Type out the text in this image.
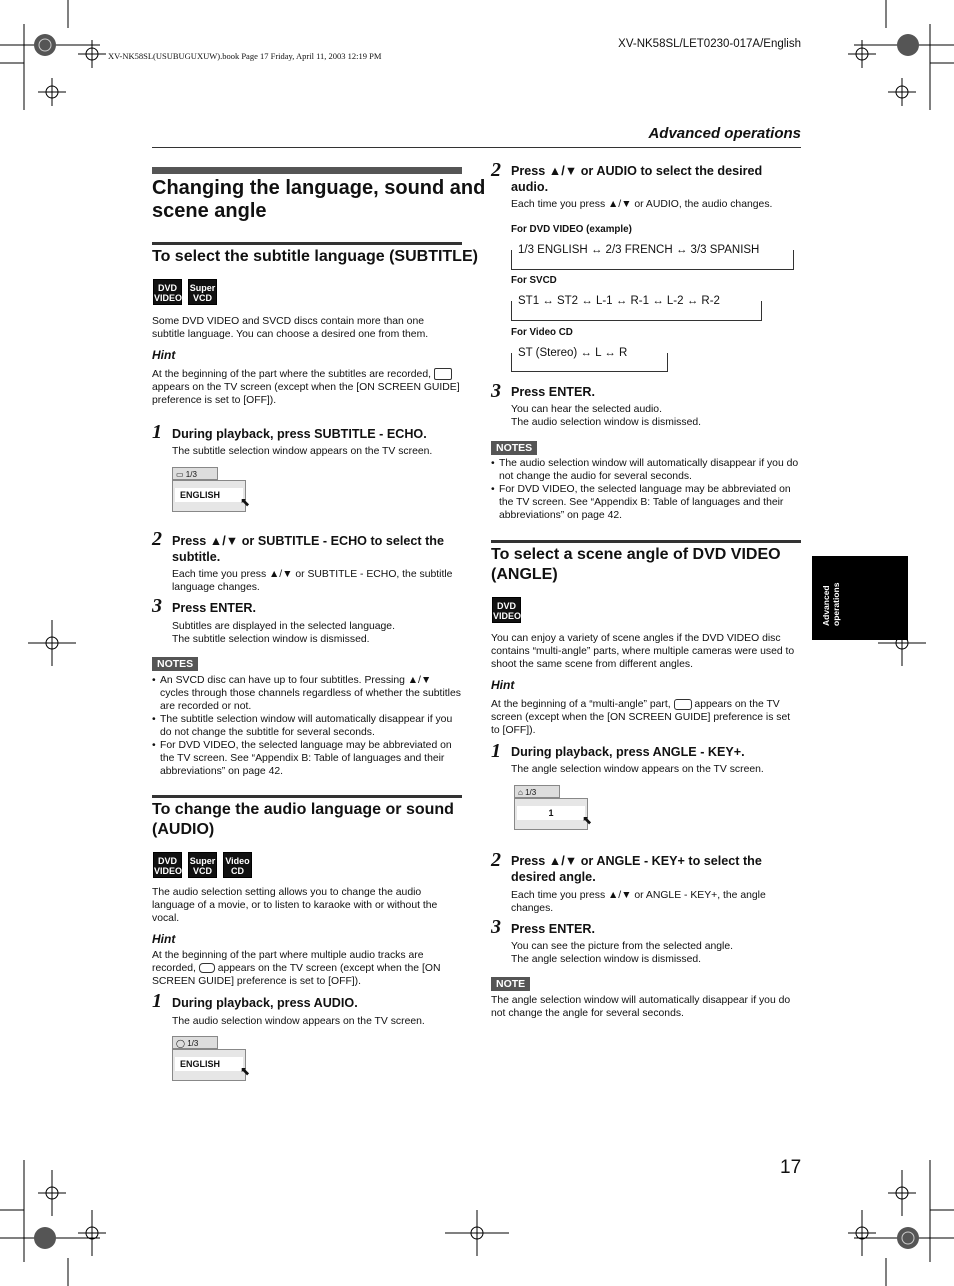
XV-NK58SL(USUBUGUXUW).book Page 17 Friday, April 11, 2003 12:19 PM
XV-NK58SL/LET0230-017A/English
Advanced operations
Advanced
operations
17
Changing the language, sound and
scene angle
To select the subtitle language (SUBTITLE)
DVD
VIDEO
Super
VCD
Some DVD VIDEO and SVCD discs contain more than one subtitle language. You can choose a desired one from them.
Hint
At the beginning of the part where the subtitles are recorded,  appears on the TV screen (except when the [ON SCREEN GUIDE] preference is set to [OFF]).
1 During playback, press SUBTITLE - ECHO.
The subtitle selection window appears on the TV screen.
▭ 1/3
ENGLISH	⬉
2 Press ▲/▼ or SUBTITLE - ECHO to select the subtitle.
Each time you press ▲/▼ or SUBTITLE - ECHO, the subtitle language changes.
3 Press ENTER.
Subtitles are displayed in the selected language.
The subtitle selection window is dismissed.
NOTES
• An SVCD disc can have up to four subtitles. Pressing ▲/▼ cycles through those channels regardless of whether the subtitles are recorded or not.
• The subtitle selection window will automatically disappear if you do not change the subtitle for several seconds.
• For DVD VIDEO, the selected language may be abbreviated on the TV screen. See “Appendix B: Table of languages and their abbreviations” on page 42.
To change the audio language or sound
(AUDIO)
DVD
VIDEO
Super
VCD
Video
CD
The audio selection setting allows you to change the audio language of a movie, or to listen to karaoke with or without the vocal.
Hint
At the beginning of the part where multiple audio tracks are recorded, appears on the TV screen (except when the [ON SCREEN GUIDE] preference is set to [OFF]).
1 During playback, press AUDIO.
The audio selection window appears on the TV screen.
◯ 1/3
ENGLISH	⬉
2 Press ▲/▼ or AUDIO to select the desired audio.
Each time you press ▲/▼ or AUDIO, the audio changes.
For DVD VIDEO (example)
1/3 ENGLISH ↔ 2/3 FRENCH ↔ 3/3 SPANISH
For SVCD
ST1 ↔ ST2 ↔ L-1 ↔ R-1 ↔ L-2 ↔ R-2
For Video CD
ST (Stereo) ↔ L ↔ R
3 Press ENTER.
You can hear the selected audio.
The audio selection window is dismissed.
NOTES
• The audio selection window will automatically disappear if you do not change the audio for several seconds.
• For DVD VIDEO, the selected language may be abbreviated on the TV screen. See “Appendix B: Table of languages and their abbreviations” on page 42.
To select a scene angle of DVD VIDEO
(ANGLE)
DVD
VIDEO
You can enjoy a variety of scene angles if the DVD VIDEO disc contains “multi-angle” parts, where multiple cameras were used to shoot the same scene from different angles.
Hint
At the beginning of a “multi-angle” part, appears on the TV screen (except when the [ON SCREEN GUIDE] preference is set to [OFF]).
1 During playback, press ANGLE - KEY+.
The angle selection window appears on the TV screen.
⌂ 1/3
1	⬉
2 Press ▲/▼ or ANGLE - KEY+ to select the desired angle.
Each time you press ▲/▼ or ANGLE - KEY+, the angle changes.
3 Press ENTER.
You can see the picture from the selected angle.
The angle selection window is dismissed.
NOTE
The angle selection window will automatically disappear if you do not change the angle for several seconds.
